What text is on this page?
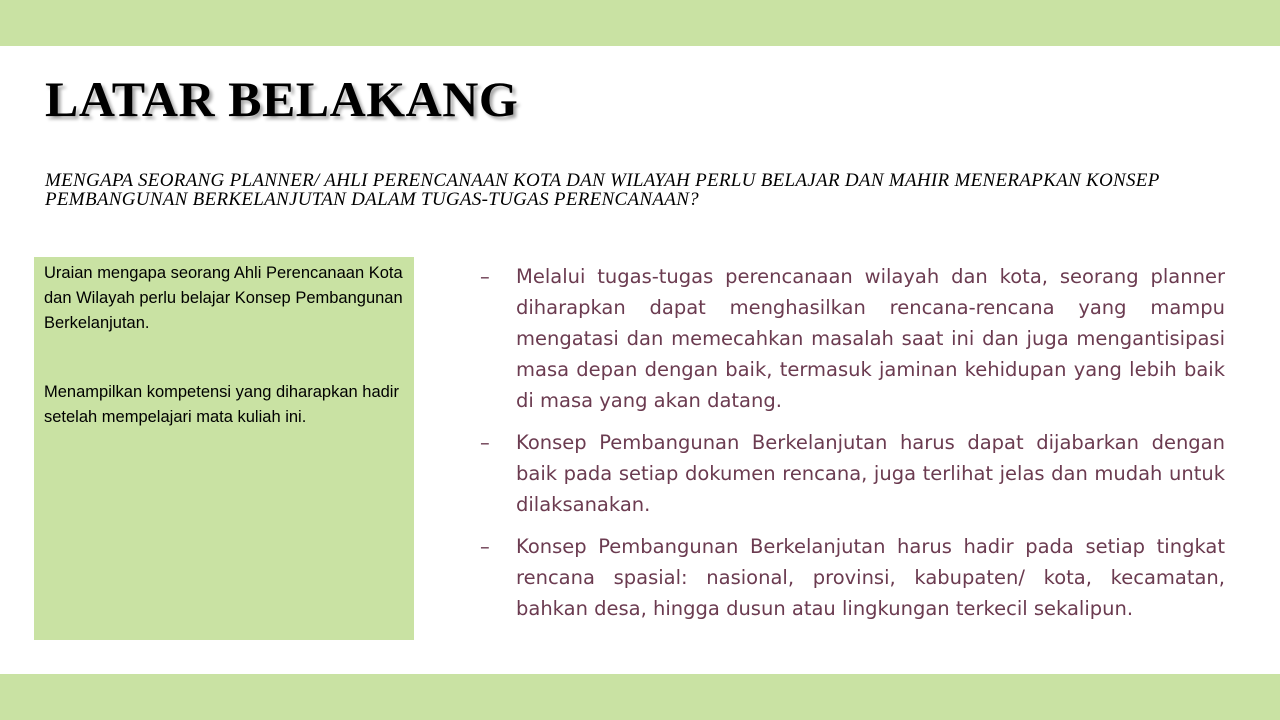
LATAR BELAKANG

MENGAPA SEORANG PLANNER/ AHLI PERENCANAAN KOTA DAN WILAYAH PERLU BELAJAR DAN MAHIR MENERAPKAN KONSEP PEMBANGUNAN BERKELANJUTAN DALAM TUGAS-TUGAS PERENCANAAN?

Uraian mengapa seorang Ahli Perencanaan Kota dan Wilayah perlu belajar Konsep Pembangunan Berkelanjutan.

Menampilkan kompetensi yang diharapkan hadir setelah mempelajari mata kuliah ini.

–	Melalui tugas-tugas perencanaan wilayah dan kota, seorang planner diharapkan dapat menghasilkan rencana-rencana yang mampu mengatasi dan memecahkan masalah saat ini dan juga mengantisipasi masa depan dengan baik, termasuk jaminan kehidupan yang lebih baik di masa yang akan datang.
–	Konsep Pembangunan Berkelanjutan harus dapat dijabarkan dengan baik pada setiap dokumen rencana, juga terlihat jelas dan mudah untuk dilaksanakan.
–	Konsep Pembangunan Berkelanjutan harus hadir pada setiap tingkat rencana spasial: nasional, provinsi, kabupaten/ kota, kecamatan, bahkan desa, hingga dusun atau lingkungan terkecil sekalipun.
